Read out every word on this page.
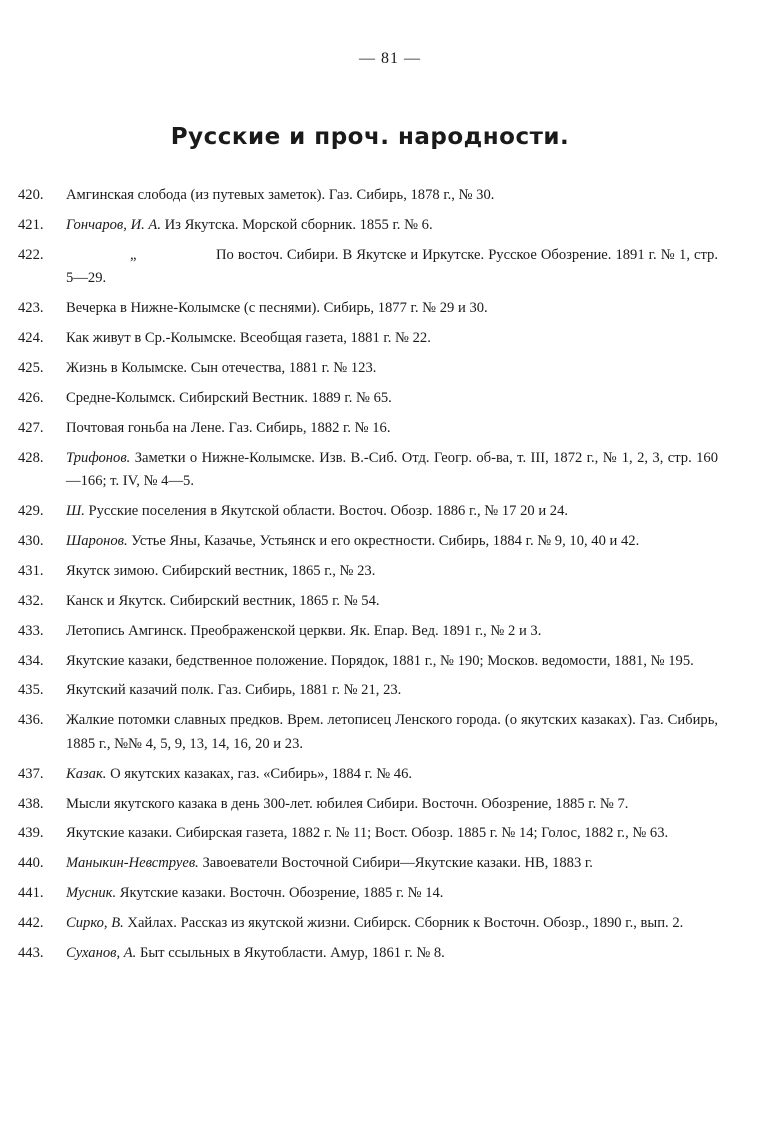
— 81 —
Русские и проч. народности.
420.	Амгинская слобода (из путевых заметок). Газ. Сибирь, 1878 г., № 30.
421.	Гончаров, И. А. Из Якутска. Морской сборник. 1855 г. № 6.
422.	„	По восточ. Сибири. В Якутске и Иркутске. Русское Обозрение. 1891 г. № 1, стр. 5—29.
423.	Вечерка в Нижне-Колымске (с песнями). Сибирь, 1877 г. № 29 и 30.
424.	Как живут в Ср.-Колымске. Всеобщая газета, 1881 г. № 22.
425.	Жизнь в Колымске. Сын отечества, 1881 г. № 123.
426.	Средне-Колымск. Сибирский Вестник. 1889 г. № 65.
427.	Почтовая гоньба на Лене. Газ. Сибирь, 1882 г. № 16.
428.	Трифонов. Заметки о Нижне-Колымске. Изв. В.-Сиб. Отд. Геогр. об-ва, т. III, 1872 г., № 1, 2, 3, стр. 160—166; т. IV, № 4—5.
429.	Ш. Русские поселения в Якутской области. Восточ. Обозр. 1886 г., № 17 20 и 24.
430.	Шаронов. Устье Яны, Казачье, Устьянск и его окрестности. Сибирь, 1884 г. № 9, 10, 40 и 42.
431.	Якутск зимою. Сибирский вестник, 1865 г., № 23.
432.	Канск и Якутск. Сибирский вестник, 1865 г. № 54.
433.	Летопись Амгинск. Преображенской церкви. Як. Епар. Вед. 1891 г., № 2 и 3.
434.	Якутские казаки, бедственное положение. Порядок, 1881 г., № 190; Москов. ведомости, 1881, № 195.
435.	Якутский казачий полк. Газ. Сибирь, 1881 г. № 21, 23.
436.	Жалкие потомки славных предков. Врем. летописец Ленского города. (о якутских казаках). Газ. Сибирь, 1885 г., №№ 4, 5, 9, 13, 14, 16, 20 и 23.
437.	Казак. О якутских казаках, газ. «Сибирь», 1884 г. № 46.
438.	Мысли якутского казака в день 300-лет. юбилея Сибири. Восточн. Обозрение, 1885 г. № 7.
439.	Якутские казаки. Сибирская газета, 1882 г. № 11; Вост. Обозр. 1885 г. № 14; Голос, 1882 г., № 63.
440.	Маныкин-Невструев. Завоеватели Восточной Сибири—Якутские казаки. НВ, 1883 г.
441.	Мусник. Якутские казаки. Восточн. Обозрение, 1885 г. № 14.
442.	Сирко, В. Хайлах. Рассказ из якутской жизни. Сибирск. Сборник к Восточн. Обозр., 1890 г., вып. 2.
443.	Суханов, А. Быт ссыльных в Якутобласти. Амур, 1861 г. № 8.
